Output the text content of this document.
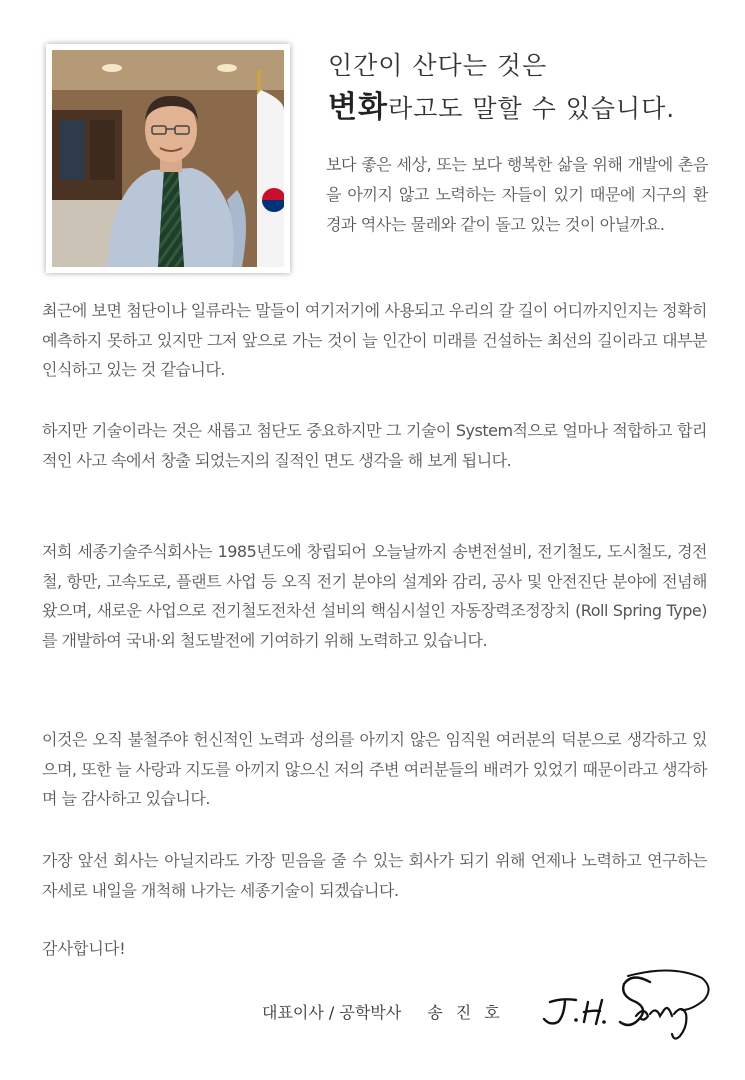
인간이 산다는 것은
변화라고도 말할 수 있습니다.
보다 좋은 세상, 또는 보다 행복한 삶을 위해 개발에 촌음을 아끼지 않고 노력하는 자들이 있기 때문에 지구의 환경과 역사는 물레와 같이 돌고 있는 것이 아닐까요.
최근에 보면 첨단이나 일류라는 말들이 여기저기에 사용되고 우리의 갈 길이 어디까지인지는 정확히 예측하지 못하고 있지만 그저 앞으로 가는 것이 늘 인간이 미래를 건설하는 최선의 길이라고 대부분 인식하고 있는 것 같습니다.
하지만 기술이라는 것은 새롭고 첨단도 중요하지만 그 기술이 System적으로 얼마나 적합하고 합리적인 사고 속에서 창출 되었는지의 질적인 면도 생각을 해 보게 됩니다.
저희 세종기술주식회사는 1985년도에 창립되어 오늘날까지 송변전설비, 전기철도, 도시철도, 경전철, 항만, 고속도로, 플랜트 사업 등 오직 전기 분야의 설계와 감리, 공사 및 안전진단 분야에 전념해 왔으며, 새로운 사업으로 전기철도전차선 설비의 핵심시설인 자동장력조정장치 (Roll Spring Type)를 개발하여 국내·외 철도발전에 기여하기 위해 노력하고 있습니다.
이것은 오직 불철주야 헌신적인 노력과 성의를 아끼지 않은 임직원 여러분의 덕분으로 생각하고 있으며, 또한 늘 사랑과 지도를 아끼지 않으신 저의 주변 여러분들의 배려가 있었기 때문이라고 생각하며 늘 감사하고 있습니다.
가장 앞선 회사는 아닐지라도 가장 믿음을 줄 수 있는 회사가 되기 위해 언제나 노력하고 연구하는 자세로 내일을 개척해 나가는 세종기술이 되겠습니다.
감사합니다!
대표이사 / 공학박사 송 진 호
